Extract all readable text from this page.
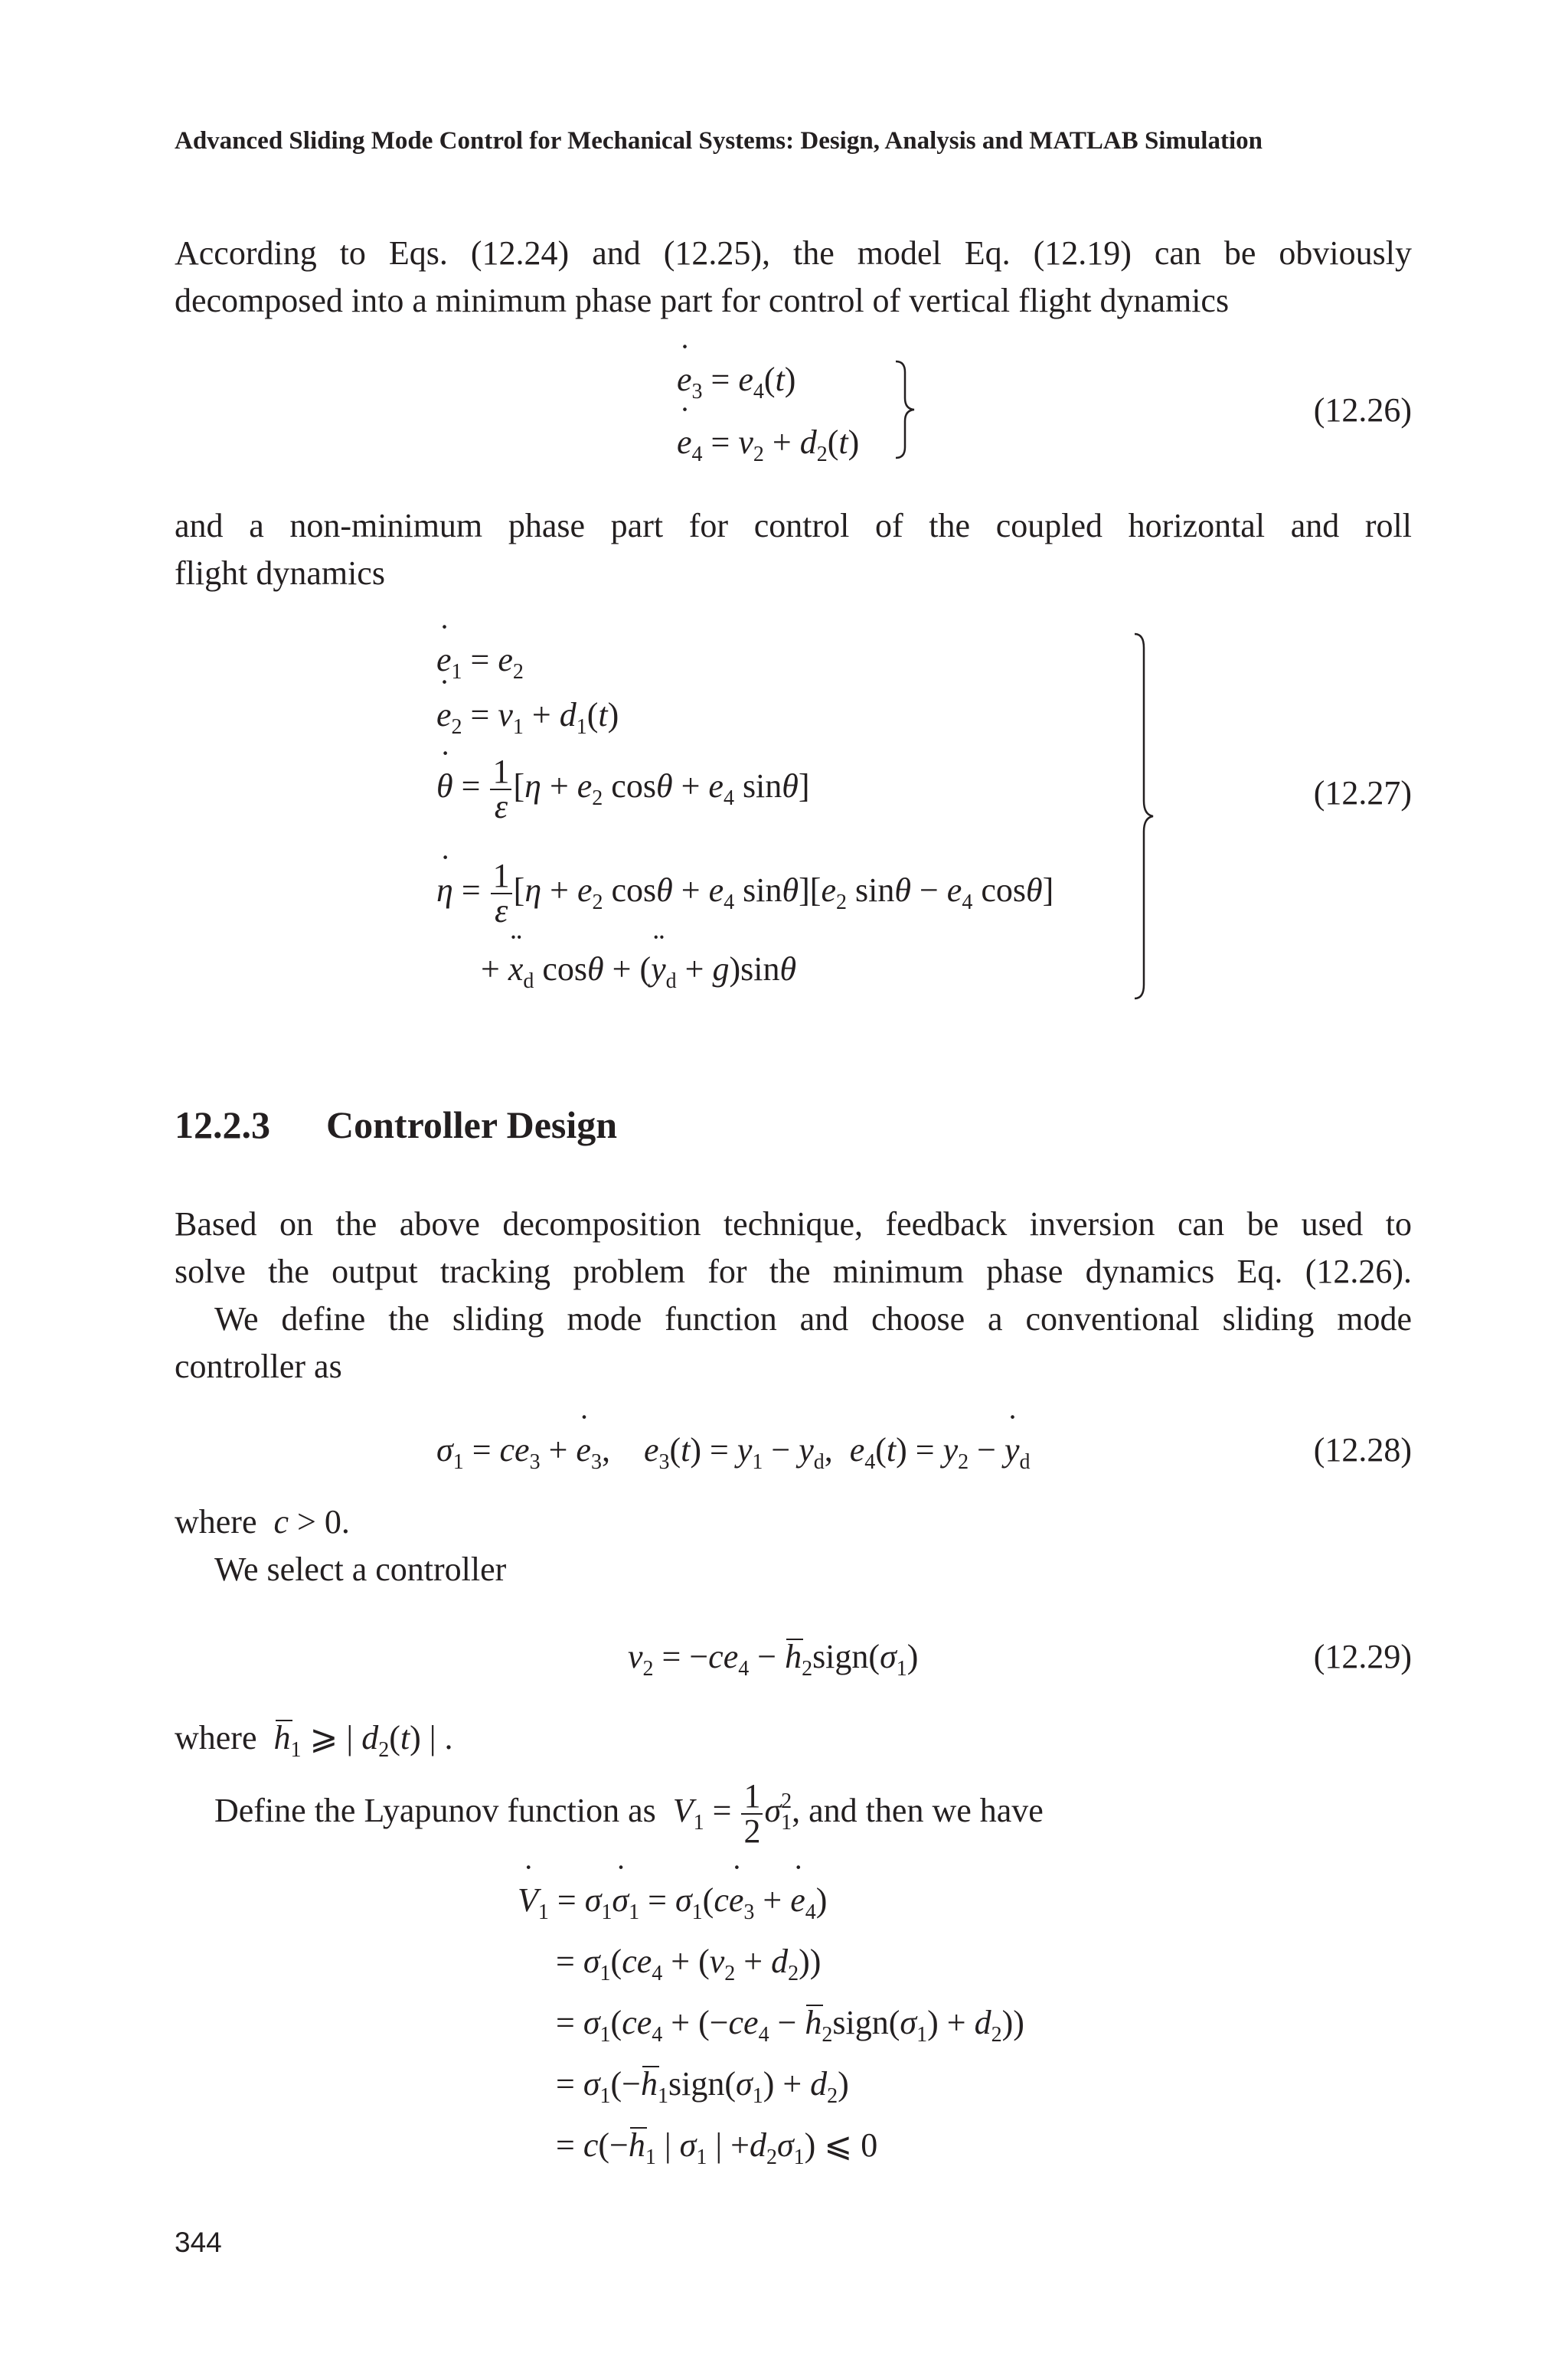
Advanced Sliding Mode Control for Mechanical Systems: Design, Analysis and MATLAB Simulation
According to Eqs. (12.24) and (12.25), the model Eq. (12.19) can be obviously
decomposed into a minimum phase part for control of vertical flight dynamics
˙ $e_3 = e_4(t)$
˙ $e_4 = v_2 + d_2(t)$
(12.26)
and a non-minimum phase part for control of the coupled horizontal and roll
flight dynamics
˙ $e_1 = e_2$
˙ $e_2 = v_1 + d_1(t)$
˙ $\theta = \frac{1}{\varepsilon} [\eta + e_2$ $\cos\theta + e_4$ sinθ]
˙ $\eta = \frac{1}{\varepsilon} [\eta + e_2$ $\cos\theta + e_4$ $\sin\theta][e_2$ $\sin\theta - e_4$ cosθ]
+ ¨ $x_d$ cosθ + (¨ $y_d + g)\sin\theta$
(12.27)
12.2.3 Controller Design
Based on the above decomposition technique, feedback inversion can be used to
solve the output tracking problem for the minimum phase dynamics Eq. (12.26).
We define the sliding mode function and choose a conventional sliding mode
controller as
$\sigma_1 = ce_3$ + ˙ $e_3$,    $e_3(t) = y_1 - y_d$,  $e_4(t) = y_2$ − ˙ $y_d$	(12.28)
where c > 0.
We select a controller
$v_2 = -ce_4$ − $h_2sign(\sigma_1)$	(12.29)
where $h_1$ ⩾ | $d_2(t)$ | .
Define the Lyapunov function as $V_1 = \frac{1}{2} \sigma_1^2$, and then we have
˙ $V_1$ = $\sigma_1˙$ $\sigma_1$ = $\sigma_1(c˙$ $e_3$ + ˙ $e_4$)
= $\sigma_1(ce_4 + (v_2 + d_2))$
= $\sigma_1(ce_4 + (-ce_4$ − $h_2sign(\sigma_1) + d_2$))
= $\sigma_1(-h_1sign(\sigma_1) + d_2)$
= $c(-h_1$ | $\sigma_1$ | $+d_2\sigma_1$) ⩽ 0
344
